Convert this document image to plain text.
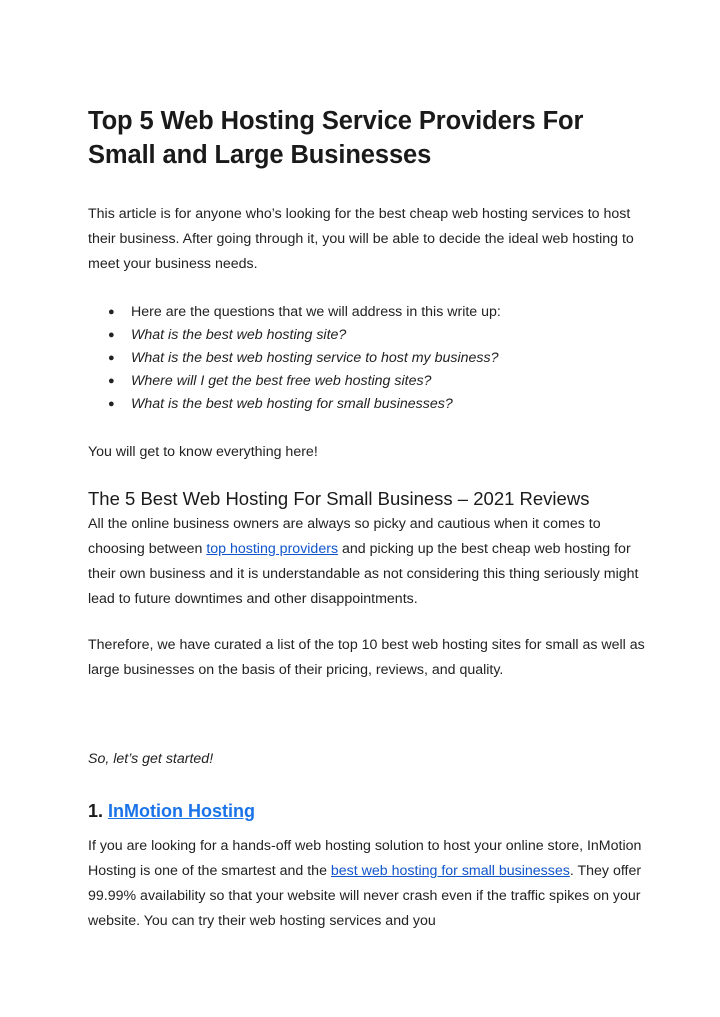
Top 5 Web Hosting Service Providers For Small and Large Businesses

This article is for anyone who’s looking for the best cheap web hosting services to host their business. After going through it, you will be able to decide the ideal web hosting to meet your business needs.

● Here are the questions that we will address in this write up:
● What is the best web hosting site?
● What is the best web hosting service to host my business?
● Where will I get the best free web hosting sites?
● What is the best web hosting for small businesses?

You will get to know everything here!

The 5 Best Web Hosting For Small Business – 2021 Reviews

All the online business owners are always so picky and cautious when it comes to choosing between top hosting providers and picking up the best cheap web hosting for their own business and it is understandable as not considering this thing seriously might lead to future downtimes and other disappointments.

Therefore, we have curated a list of the top 10 best web hosting sites for small as well as large businesses on the basis of their pricing, reviews, and quality.

So, let’s get started!

1. InMotion Hosting

If you are looking for a hands-off web hosting solution to host your online store, InMotion Hosting is one of the smartest and the best web hosting for small businesses. They offer 99.99% availability so that your website will never crash even if the traffic spikes on your website. You can try their web hosting services and you
